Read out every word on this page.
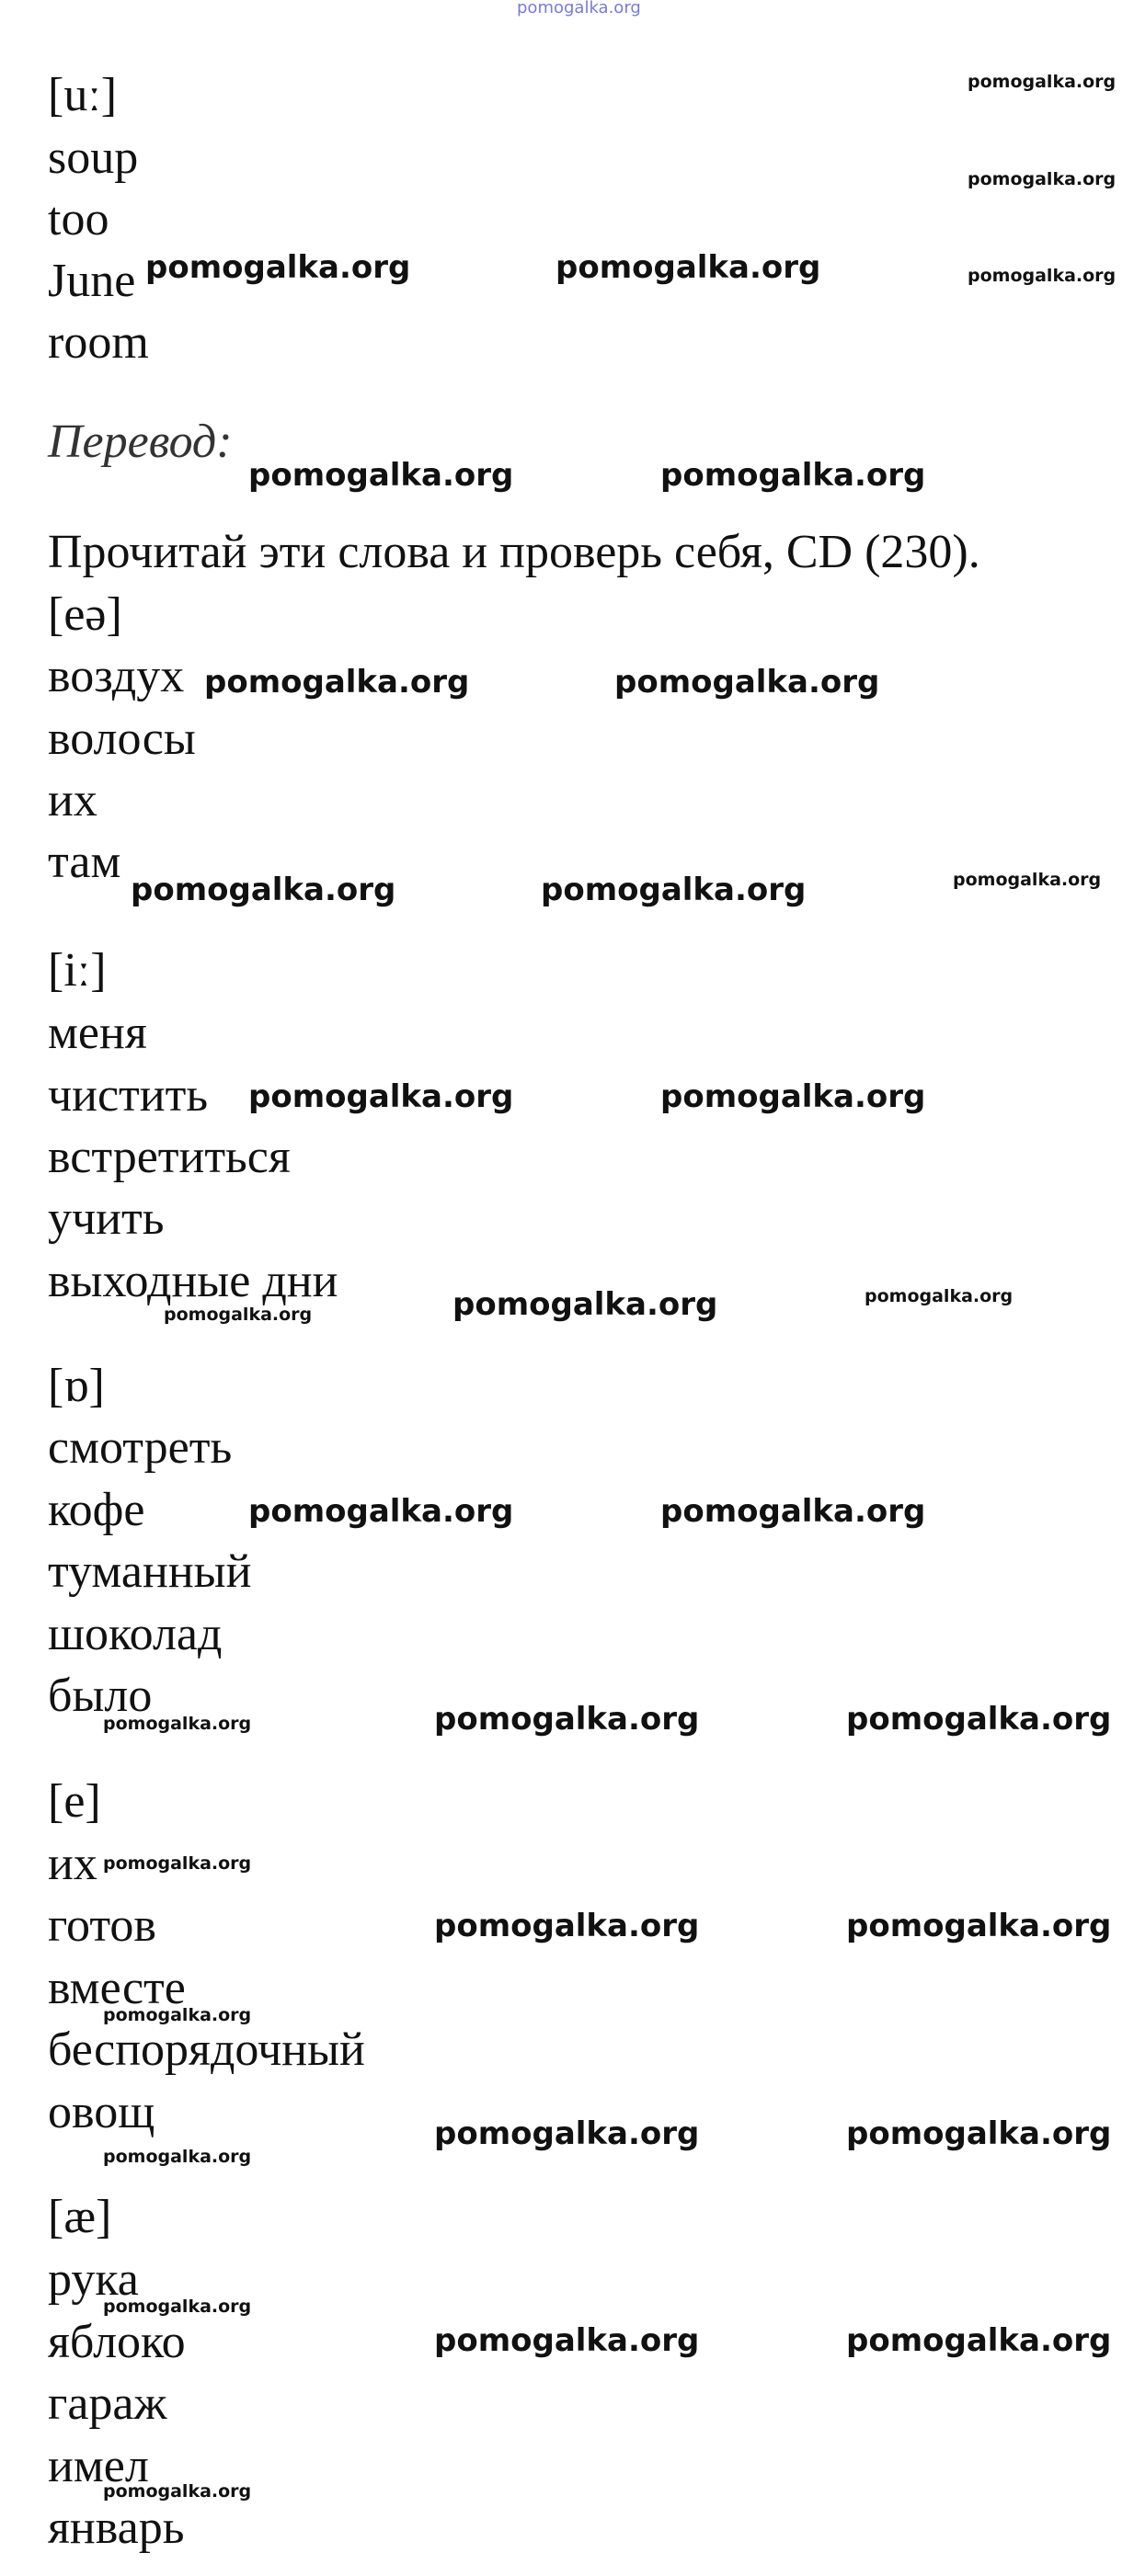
pomogalka.org
[uː]
soup
too
June
room
Перевод:
Прочитай эти слова и проверь себя, CD (230).
[eə]
воздух
волосы
их
там
[iː]
меня
чистить
встретиться
учить
выходные дни
[ɒ]
смотреть
кофе
туманный
шоколад
было
[e]
их
готов
вместе
беспорядочный
овощ
[æ]
рука
яблоко
гараж
имел
январь
pomogalka.org
pomogalka.org
pomogalka.org
pomogalka.org
pomogalka.org
pomogalka.org
pomogalka.org
pomogalka.org
pomogalka.org
pomogalka.org
pomogalka.org
pomogalka.org
pomogalka.org	pomogalka.org
pomogalka.org	pomogalka.org
pomogalka.org	pomogalka.org
pomogalka.org	pomogalka.org
pomogalka.org	pomogalka.org
pomogalka.org
pomogalka.org	pomogalka.org
pomogalka.org	pomogalka.org
pomogalka.org	pomogalka.org
pomogalka.org	pomogalka.org
pomogalka.org	pomogalka.org
